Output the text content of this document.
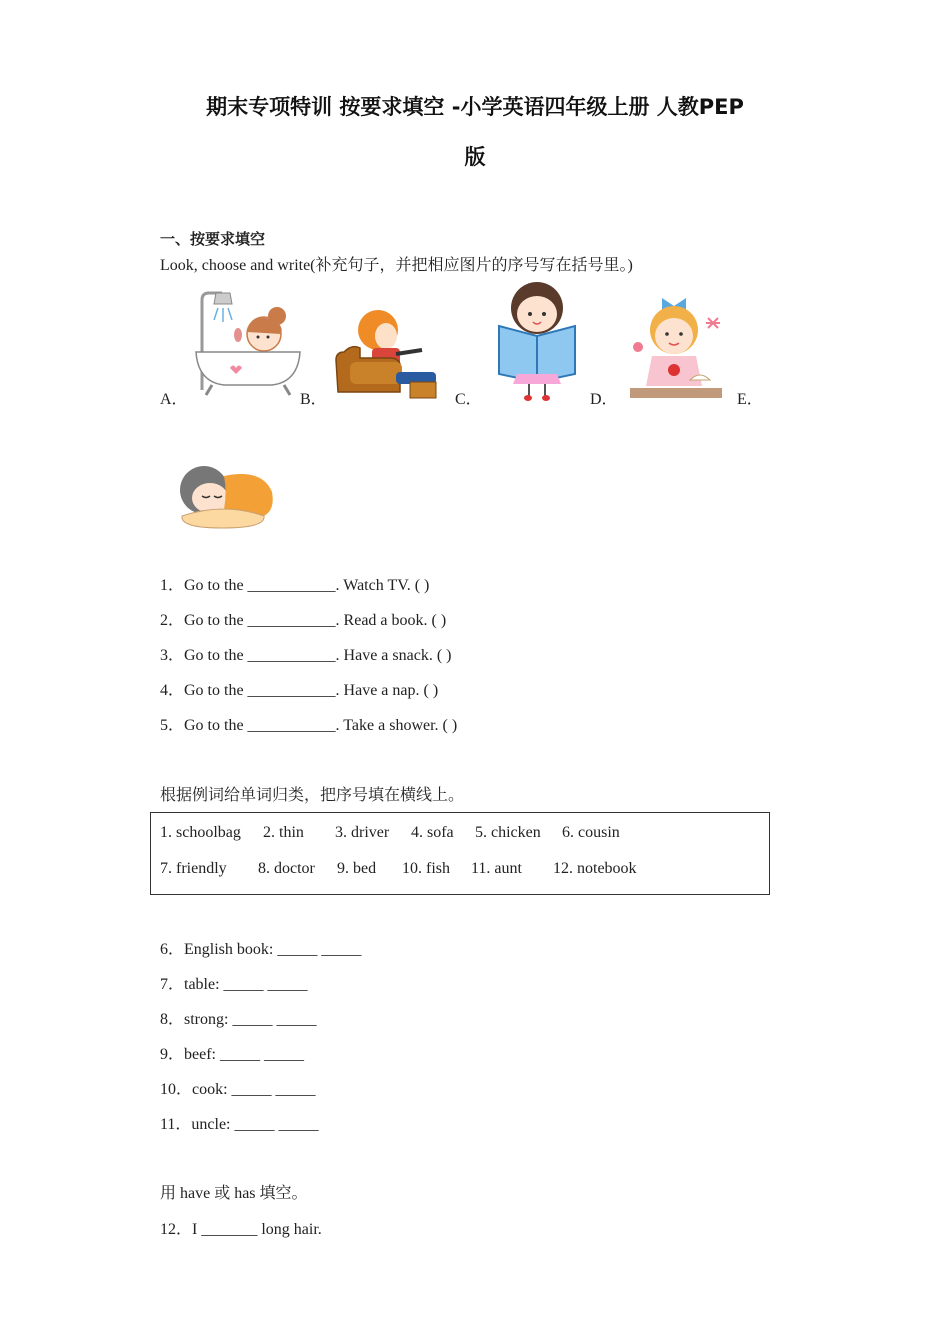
期末专项特训 按要求填空 -小学英语四年级上册 人教PEP
版
一、按要求填空
Look, choose and write(补充句子，并把相应图片的序号写在括号里。)
A．	B．	C．	D．	E．
1．Go to the ___________. Watch TV. ( )
2．Go to the ___________. Read a book. ( )
3．Go to the ___________. Have a snack. ( )
4．Go to the ___________. Have a nap. ( )
5．Go to the ___________. Take a shower. ( )
根据例词给单词归类，把序号填在横线上。
1. schoolbag 2. thin 3. driver 4. sofa 5. chicken 6. cousin
7. friendly 8. doctor 9. bed 10. fish 11. aunt 12. notebook
6．English book: _____ _____
7．table: _____ _____
8．strong: _____ _____
9．beef: _____ _____
10．cook: _____ _____
11．uncle: _____ _____
用 have 或 has 填空。
12．I _______ long hair.
